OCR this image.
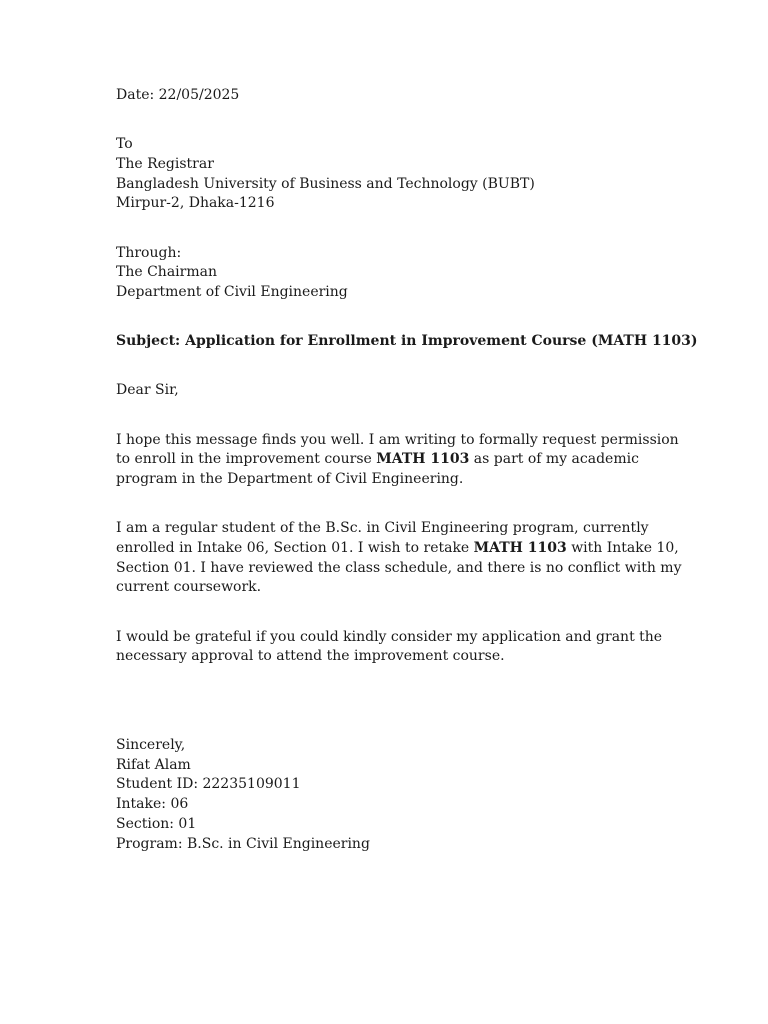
Date: 22/05/2025
To
The Registrar
Bangladesh University of Business and Technology (BUBT)
Mirpur-2, Dhaka-1216
Through:
The Chairman
Department of Civil Engineering
Subject: Application for Enrollment in Improvement Course (MATH 1103)
Dear Sir,
I hope this message finds you well. I am writing to formally request permission
to enroll in the improvement course MATH 1103 as part of my academic
program in the Department of Civil Engineering.
I am a regular student of the B.Sc. in Civil Engineering program, currently
enrolled in Intake 06, Section 01. I wish to retake MATH 1103 with Intake 10,
Section 01. I have reviewed the class schedule, and there is no conflict with my
current coursework.
I would be grateful if you could kindly consider my application and grant the
necessary approval to attend the improvement course.
Sincerely,
Rifat Alam
Student ID: 22235109011
Intake: 06
Section: 01
Program: B.Sc. in Civil Engineering
